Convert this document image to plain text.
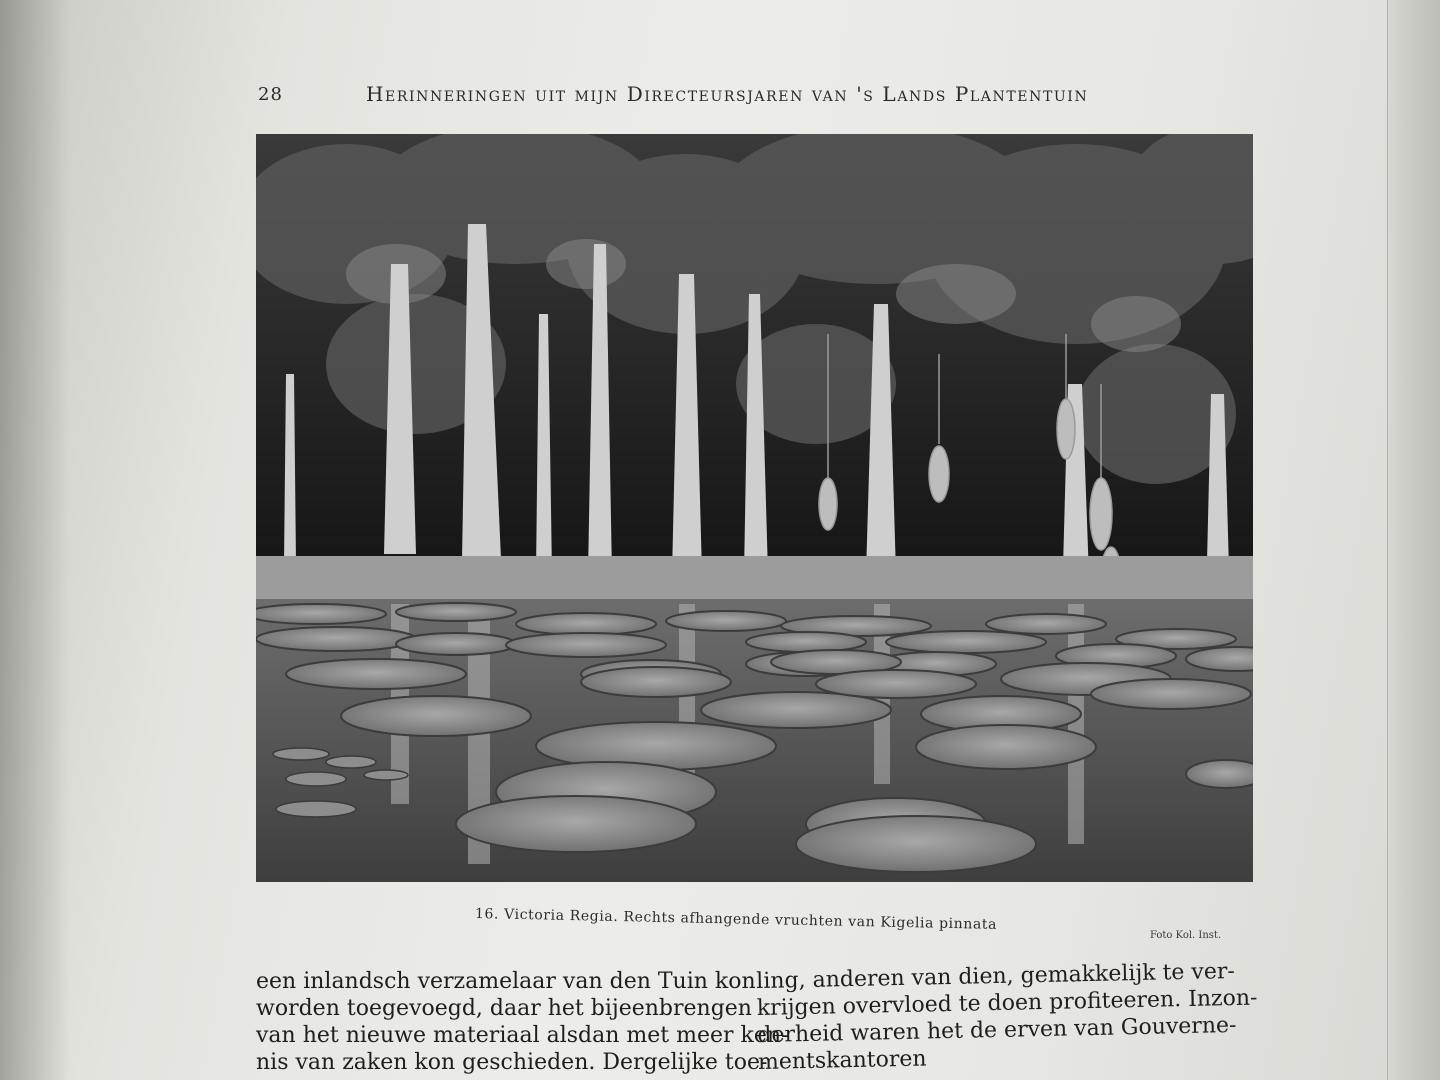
28	Herinneringen uit mijn Directeursjaren van 's Lands Plantentuin
16. Victoria Regia. Rechts afhangende vruchten van Kigelia pinnata
Foto Kol. Inst.
een inlandsch verzamelaar van den Tuin kon
worden toegevoegd, daar het bijeenbrengen
van het nieuwe materiaal alsdan met meer ken-
nis van zaken kon geschieden. Dergelijke toe-
ling, anderen van dien, gemakkelijk te ver-
krijgen overvloed te doen profiteeren. Inzon-
derheid waren het de erven van Gouverne-
mentskantoren
